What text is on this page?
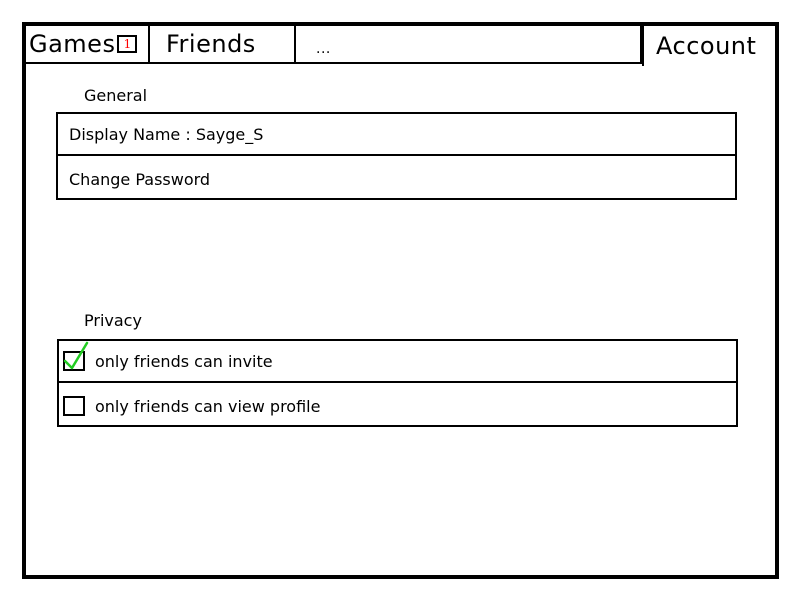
Games 1 Friends	...	Account
General
Display Name : Sayge_S
Change Password
Privacy
only friends can invite
only friends can view profile
